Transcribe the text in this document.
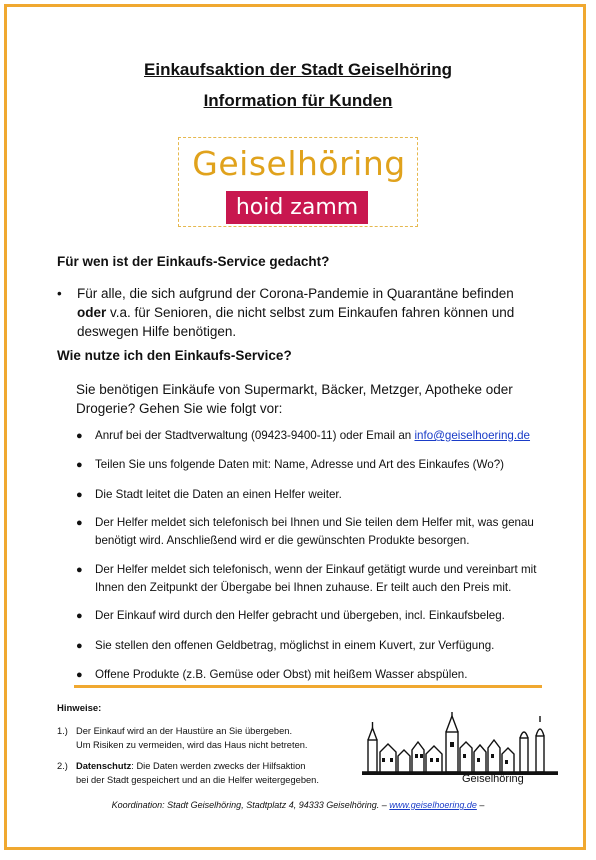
Einkaufsaktion der Stadt Geiselhöring
Information für Kunden
Geiselhöring
hoid zamm
Für wen ist der Einkaufs-Service gedacht?
• Für alle, die sich aufgrund der Corona-Pandemie in Quarantäne befinden oder v.a. für Senioren, die nicht selbst zum Einkaufen fahren können und deswegen Hilfe benötigen.
Wie nutze ich den Einkaufs-Service?
Sie benötigen Einkäufe von Supermarkt, Bäcker, Metzger, Apotheke oder Drogerie? Gehen Sie wie folgt vor:
● Anruf bei der Stadtverwaltung (09423-9400-11) oder Email an info@geiselhoering.de
● Teilen Sie uns folgende Daten mit: Name, Adresse und Art des Einkaufes (Wo?)
● Die Stadt leitet die Daten an einen Helfer weiter.
● Der Helfer meldet sich telefonisch bei Ihnen und Sie teilen dem Helfer mit, was genau benötigt wird. Anschließend wird er die gewünschten Produkte besorgen.
● Der Helfer meldet sich telefonisch, wenn der Einkauf getätigt wurde und vereinbart mit Ihnen den Zeitpunkt der Übergabe bei Ihnen zuhause. Er teilt auch den Preis mit.
● Der Einkauf wird durch den Helfer gebracht und übergeben, incl. Einkaufsbeleg.
● Sie stellen den offenen Geldbetrag, möglichst in einem Kuvert, zur Verfügung.
● Offene Produkte (z.B. Gemüse oder Obst) mit heißem Wasser abspülen.
Hinweise:
1.) Der Einkauf wird an der Haustüre an Sie übergeben.
Um Risiken zu vermeiden, wird das Haus nicht betreten.
2.) Datenschutz: Die Daten werden zwecks der Hilfsaktion
bei der Stadt gespeichert und an die Helfer weitergegeben.	Geiselhöring
Koordination: Stadt Geiselhöring, Stadtplatz 4, 94333 Geiselhöring. – www.geiselhoering.de –
